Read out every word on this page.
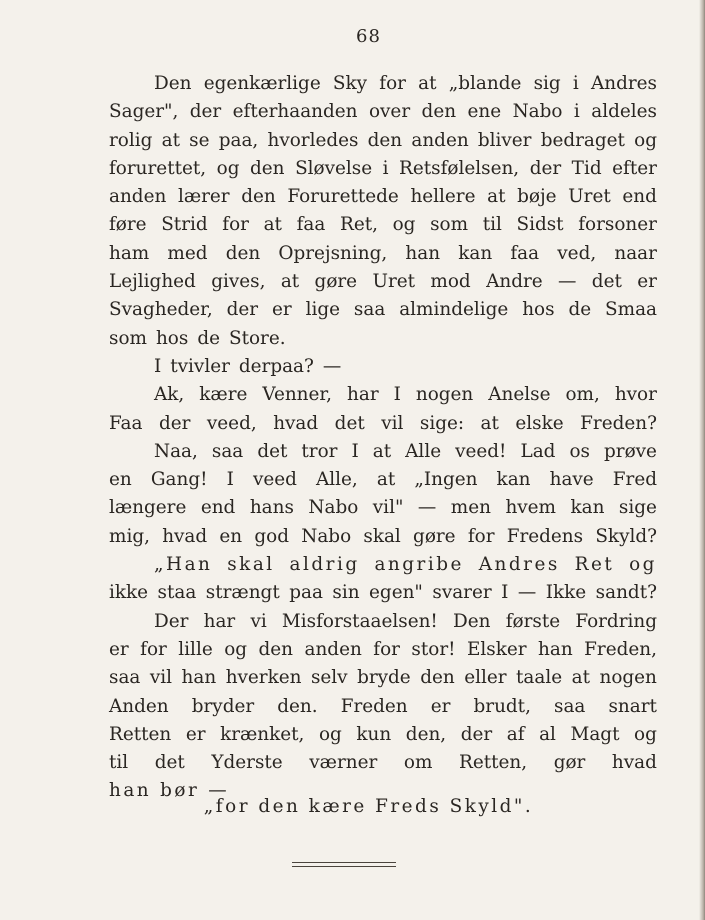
68
Den egenkærlige Sky for at „blande sig i Andres
Sager", der efterhaanden over den ene Nabo i aldeles
rolig at se paa, hvorledes den anden bliver bedraget og
forurettet, og den Sløvelse i Retsfølelsen, der Tid efter
anden lærer den Forurettede hellere at bøje Uret end
føre Strid for at faa Ret, og som til Sidst forsoner
ham med den Oprejsning, han kan faa ved, naar
Lejlighed gives, at gøre Uret mod Andre — det er
Svagheder, der er lige saa almindelige hos de Smaa
som hos de Store.
I tvivler derpaa? —
Ak, kære Venner, har I nogen Anelse om, hvor
Faa der veed, hvad det vil sige: at elske Freden?
Naa, saa det tror I at Alle veed! Lad os prøve
en Gang! I veed Alle, at „Ingen kan have Fred
længere end hans Nabo vil" — men hvem kan sige
mig, hvad en god Nabo skal gøre for Fredens Skyld?
„Han skal aldrig angribe Andres Ret og
ikke staa strængt paa sin egen" svarer I — Ikke sandt?
Der har vi Misforstaaelsen! Den første Fordring
er for lille og den anden for stor! Elsker han Freden,
saa vil han hverken selv bryde den eller taale at nogen
Anden bryder den. Freden er brudt, saa snart
Retten er krænket, og kun den, der af al Magt og
til det Yderste værner om Retten, gør hvad
han bør —
„for den kære Freds Skyld".
